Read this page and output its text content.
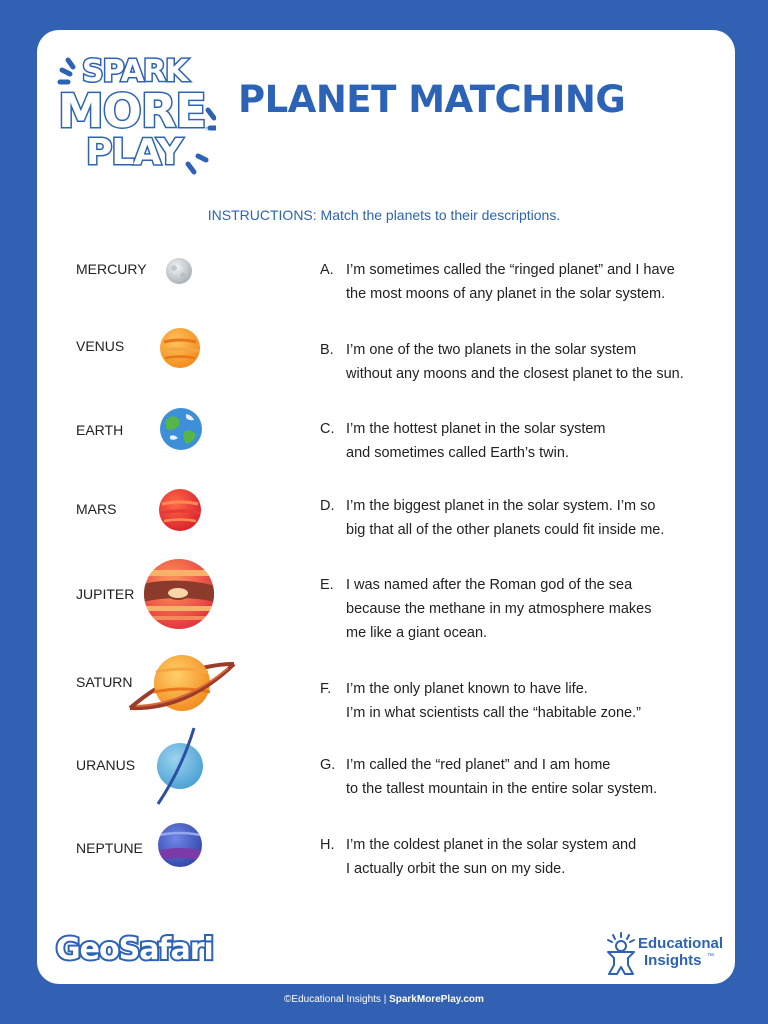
SPARK
MORE
PLAY
™
PLANET MATCHING
INSTRUCTIONS: Match the planets to their descriptions.
MERCURY
VENUS
EARTH
MARS
JUPITER
SATURN
URANUS
NEPTUNE
A. I’m sometimes called the “ringed planet” and I have
the most moons of any planet in the solar system.
B. I’m one of the two planets in the solar system
without any moons and the closest planet to the sun.
C. I’m the hottest planet in the solar system
and sometimes called Earth’s twin.
D. I’m the biggest planet in the solar system. I’m so
big that all of the other planets could fit inside me.
E. I was named after the Roman god of the sea
because the methane in my atmosphere makes
me like a giant ocean.
F. I’m the only planet known to have life.
I’m in what scientists call the “habitable zone.”
G. I’m called the “red planet” and I am home
to the tallest mountain in the entire solar system.
H. I’m the coldest planet in the solar system and
I actually orbit the sun on my side.
GeoSafari	Educational
Insights ™
©Educational Insights | SparkMorePlay.com
